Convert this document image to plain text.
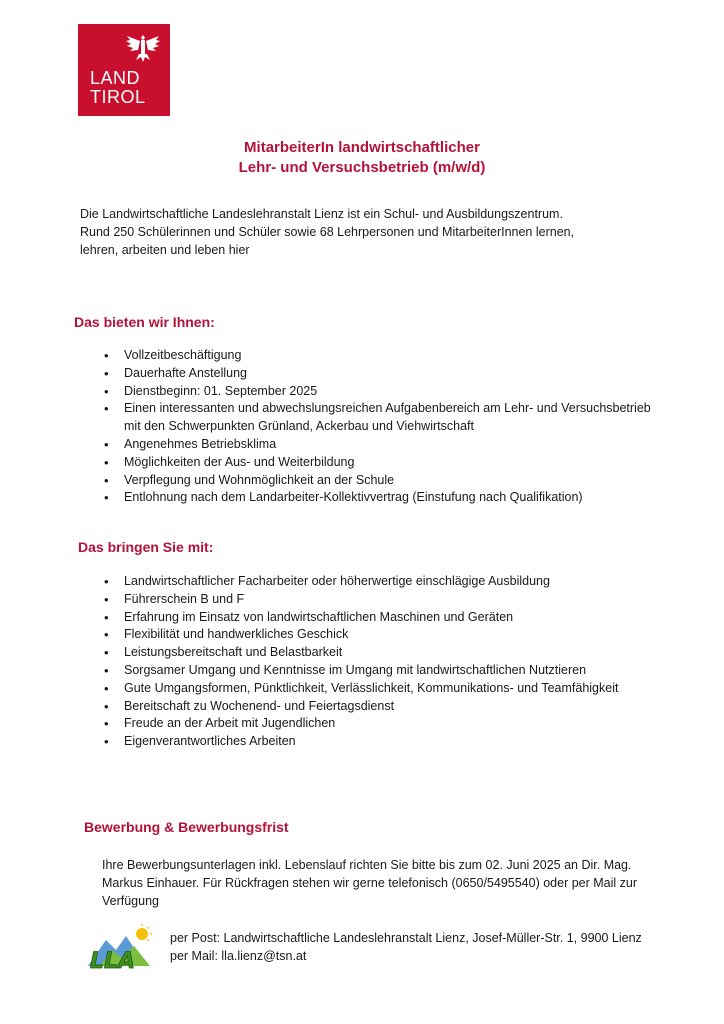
LAND
TIROL
MitarbeiterIn landwirtschaftlicher
Lehr- und Versuchsbetrieb (m/w/d)
Die Landwirtschaftliche Landeslehranstalt Lienz ist ein Schul- und Ausbildungszentrum.
Rund 250 Schülerinnen und Schüler sowie 68 Lehrpersonen und MitarbeiterInnen lernen,
lehren, arbeiten und leben hier
Das bieten wir Ihnen:
• Vollzeitbeschäftigung
• Dauerhafte Anstellung
• Dienstbeginn: 01. September 2025
• Einen interessanten und abwechslungsreichen Aufgabenbereich am Lehr- und Versuchsbetrieb mit den Schwerpunkten Grünland, Ackerbau und Viehwirtschaft
• Angenehmes Betriebsklima
• Möglichkeiten der Aus- und Weiterbildung
• Verpflegung und Wohnmöglichkeit an der Schule
• Entlohnung nach dem Landarbeiter-Kollektivvertrag (Einstufung nach Qualifikation)
Das bringen Sie mit:
• Landwirtschaftlicher Facharbeiter oder höherwertige einschlägige Ausbildung
• Führerschein B und F
• Erfahrung im Einsatz von landwirtschaftlichen Maschinen und Geräten
• Flexibilität und handwerkliches Geschick
• Leistungsbereitschaft und Belastbarkeit
• Sorgsamer Umgang und Kenntnisse im Umgang mit landwirtschaftlichen Nutztieren
• Gute Umgangsformen, Pünktlichkeit, Verlässlichkeit, Kommunikations- und Teamfähigkeit
• Bereitschaft zu Wochenend- und Feiertagsdienst
• Freude an der Arbeit mit Jugendlichen
• Eigenverantwortliches Arbeiten
Bewerbung & Bewerbungsfrist
Ihre Bewerbungsunterlagen inkl. Lebenslauf richten Sie bitte bis zum 02. Juni 2025 an Dir. Mag.
Markus Einhauer. Für Rückfragen stehen wir gerne telefonisch (0650/5495540) oder per Mail zur
Verfügung
LLA
per Post: Landwirtschaftliche Landeslehranstalt Lienz, Josef-Müller-Str. 1, 9900 Lienz
per Mail: lla.lienz@tsn.at
